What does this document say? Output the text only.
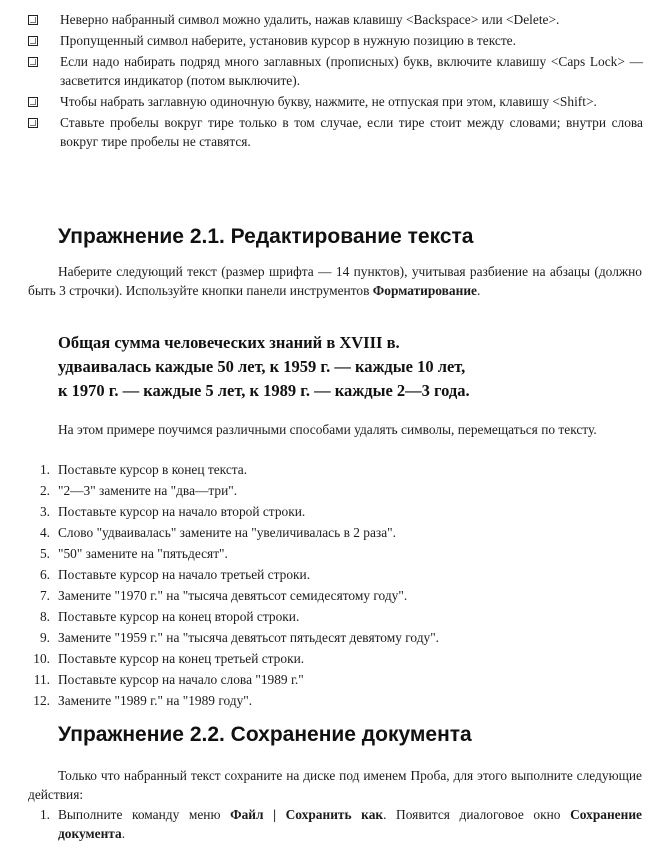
Неверно набранный символ можно удалить, нажав клавишу <Backspace> или <Delete>.
Пропущенный символ наберите, установив курсор в нужную позицию в тексте.
Если надо набирать подряд много заглавных (прописных) букв, включите клавишу <Caps Lock> — засветится индикатор (потом выключите).
Чтобы набрать заглавную одиночную букву, нажмите, не отпуская при этом, клавишу <Shift>.
Ставьте пробелы вокруг тире только в том случае, если тире стоит между словами; внутри слова вокруг тире пробелы не ставятся.
Упражнение 2.1. Редактирование текста

Наберите следующий текст (размер шрифта — 14 пунктов), учитывая разбиение на абзацы (должно быть 3 строчки). Используйте кнопки панели инструментов Форматирование.

Общая сумма человеческих знаний в XVIII в.
удваивалась каждые 50 лет, к 1959 г. — каждые 10 лет,
к 1970 г. — каждые 5 лет, к 1989 г. — каждые 2—3 года.

На этом примере поучимся различными способами удалять символы, перемещаться по тексту.

1. Поставьте курсор в конец текста.
2. "2—3" замените на "два—три".
3. Поставьте курсор на начало второй строки.
4. Слово "удваивалась" замените на "увеличивалась в 2 раза".
5. "50" замените на "пятьдесят".
6. Поставьте курсор на начало третьей строки.
7. Замените "1970 г." на "тысяча девятьсот семидесятому году".
8. Поставьте курсор на конец второй строки.
9. Замените "1959 г." на "тысяча девятьсот пятьдесят девятому году".
10. Поставьте курсор на конец третьей строки.
11. Поставьте курсор на начало слова "1989 г."
12. Замените "1989 г." на "1989 году".
Упражнение 2.2. Сохранение документа

Только что набранный текст сохраните на диске под именем Проба, для этого выполните следующие действия:

1. Выполните команду меню Файл | Сохранить как. Появится диалоговое окно Сохранение документа.
